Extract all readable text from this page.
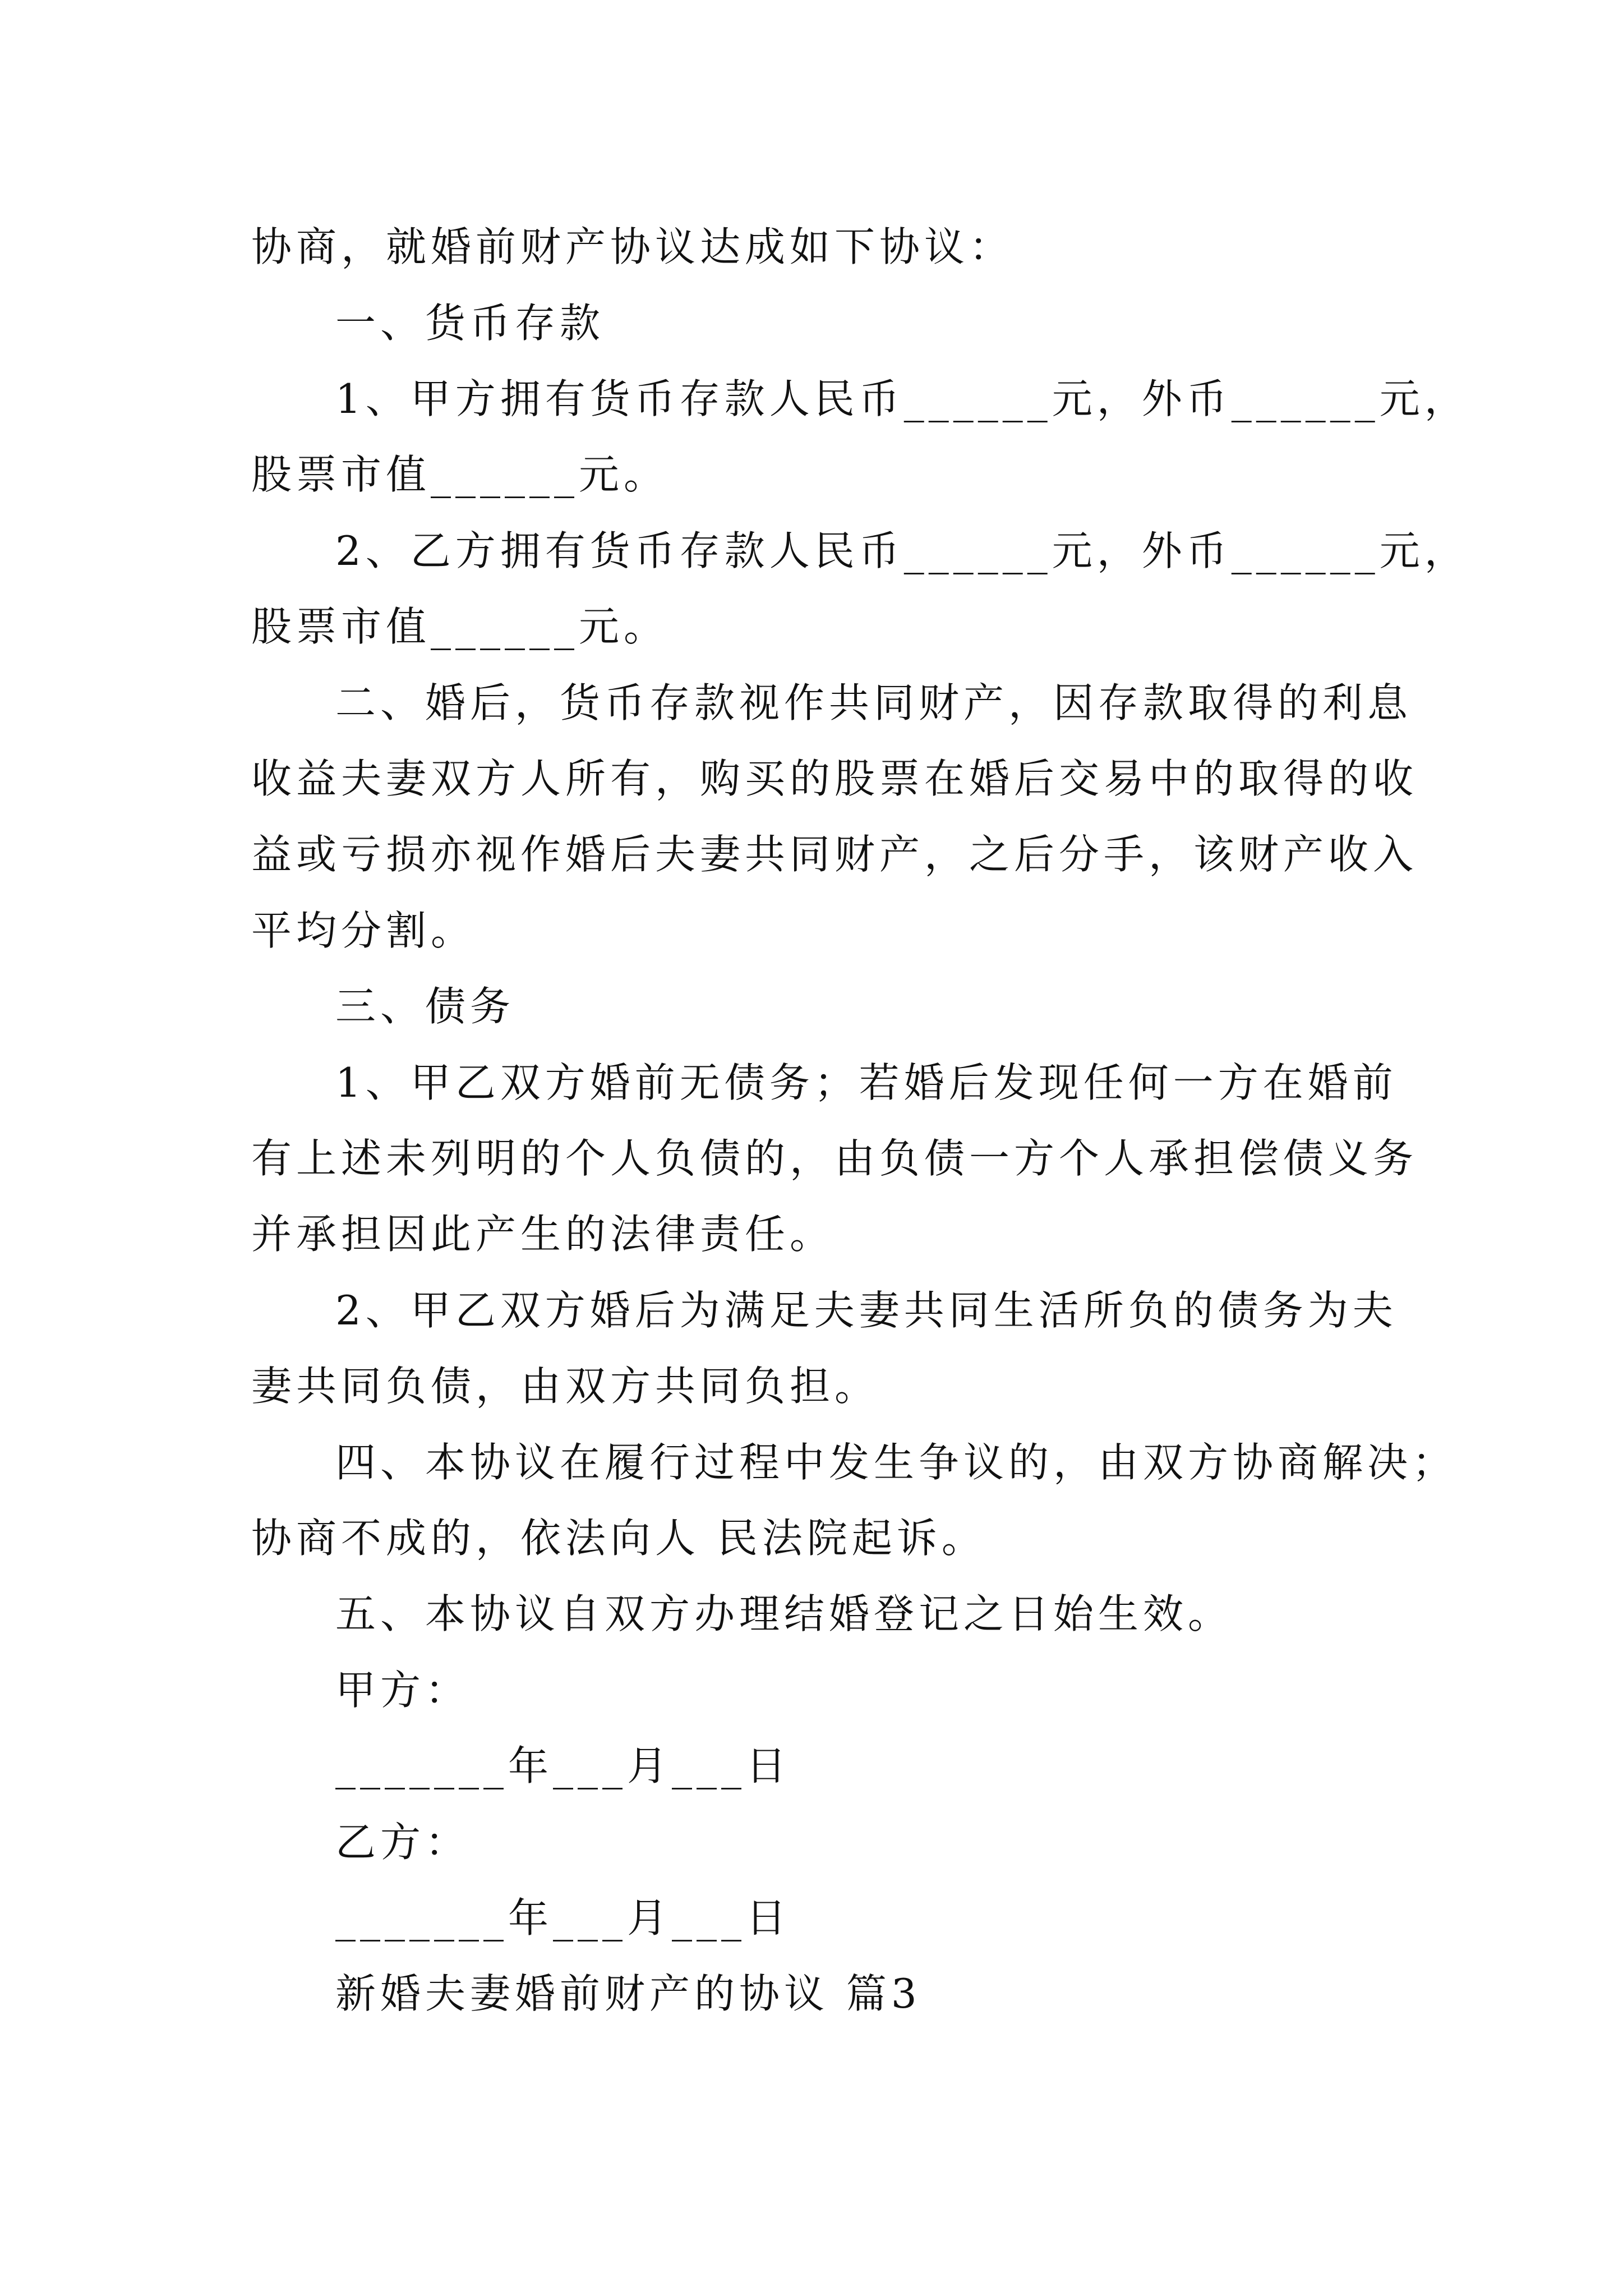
协商，就婚前财产协议达成如下协议：
一、货币存款
1、甲方拥有货币存款人民币______元，外币______元，
股票市值______元。
2、乙方拥有货币存款人民币______元，外币______元，
股票市值______元。
二、婚后，货币存款视作共同财产，因存款取得的利息
收益夫妻双方人所有，购买的股票在婚后交易中的取得的收
益或亏损亦视作婚后夫妻共同财产，之后分手，该财产收入
平均分割。
三、债务
1、甲乙双方婚前无债务；若婚后发现任何一方在婚前
有上述未列明的个人负债的，由负债一方个人承担偿债义务
并承担因此产生的法律责任。
2、甲乙双方婚后为满足夫妻共同生活所负的债务为夫
妻共同负债，由双方共同负担。
四、本协议在履行过程中发生争议的，由双方协商解决；
协商不成的，依法向人 民法院起诉。
五、本协议自双方办理结婚登记之日始生效。
甲方：
_______年___月___日
乙方：
_______年___月___日
新婚夫妻婚前财产的协议 篇3
